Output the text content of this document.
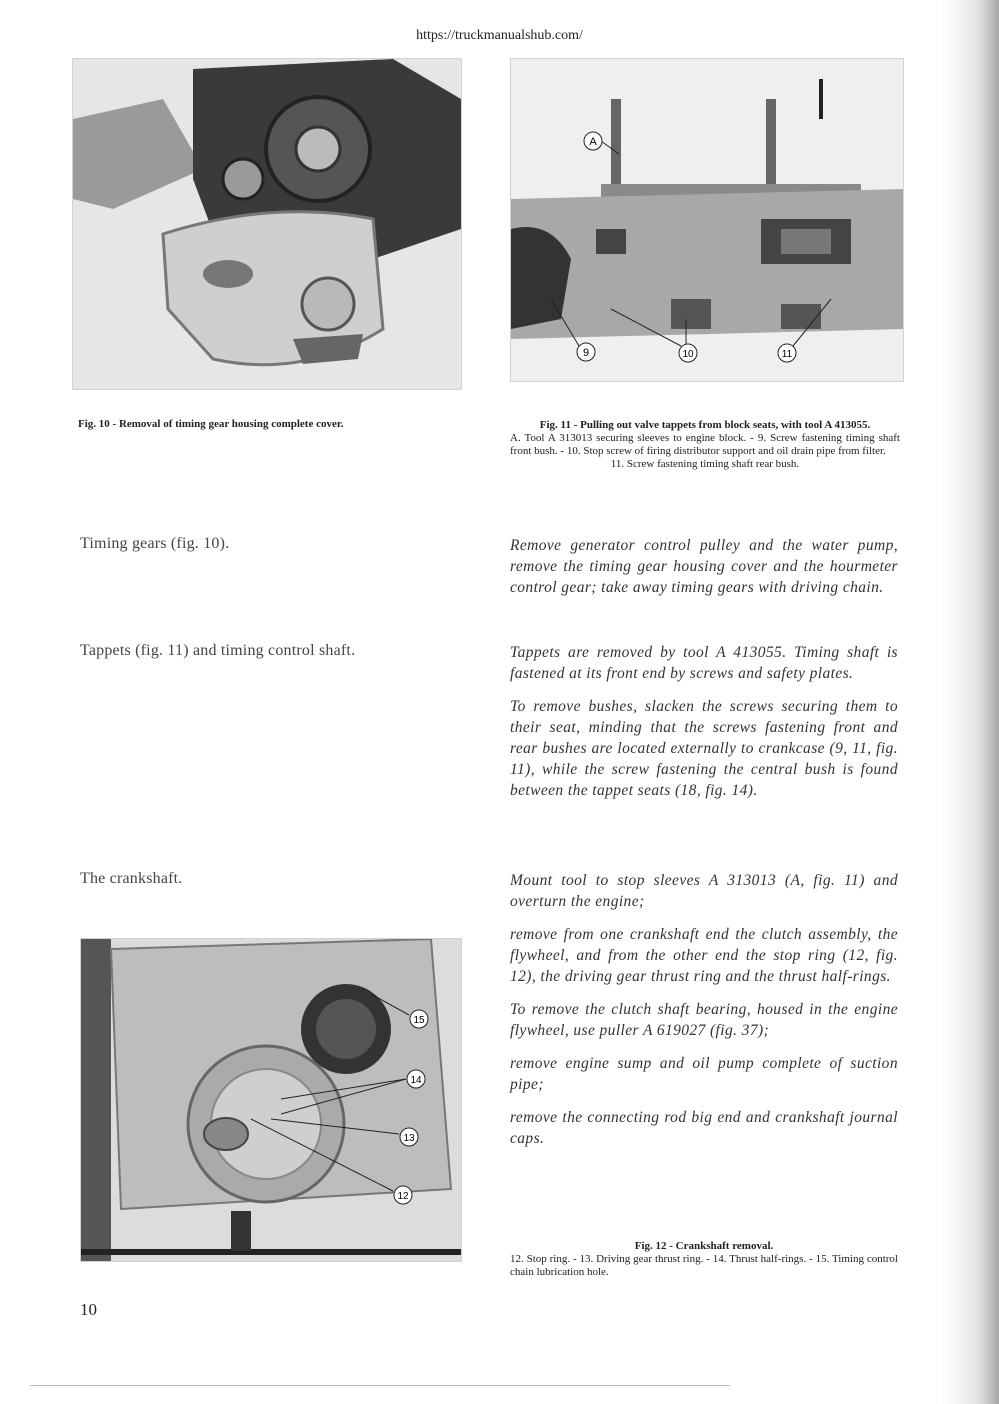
https://truckmanualshub.com/
A
9	10	11
Fig. 10 - Removal of timing gear housing complete cover.	Fig. 11 - Pulling out valve tappets from block seats, with tool A 413055.
A. Tool A 313013 securing sleeves to engine block. - 9. Screw fastening timing shaft front bush. - 10. Stop screw of firing distributor support and oil drain pipe from filter.
11. Screw fastening timing shaft rear bush.
Timing gears (fig. 10).	Remove generator control pulley and the water pump, remove the timing gear housing cover and the hourmeter control gear; take away timing gears with driving chain.

Tappets (fig. 11) and timing control shaft.	Tappets are removed by tool A 413055. Timing shaft is fastened at its front end by screws and safety plates.

To remove bushes, slacken the screws securing them to their seat, minding that the screws fastening front and rear bushes are located externally to crankcase (9, 11, fig. 11), while the screw fastening the central bush is found between the tappet seats (18, fig. 14).

The crankshaft.	Mount tool to stop sleeves A 313013 (A, fig. 11) and overturn the engine;

remove from one crankshaft end the clutch assembly, the flywheel, and from the other end the stop ring (12, fig. 12), the driving gear thrust ring and the thrust half-rings.

To remove the clutch shaft bearing, housed in the engine flywheel, use puller A 619027 (fig. 37);

remove engine sump and oil pump complete of suction pipe;

remove the connecting rod big end and crankshaft journal caps.

15
14
13
12
Fig. 12 - Crankshaft removal.
12. Stop ring. - 13. Driving gear thrust ring. - 14. Thrust half-rings. - 15. Timing control chain lubrication hole.
10
